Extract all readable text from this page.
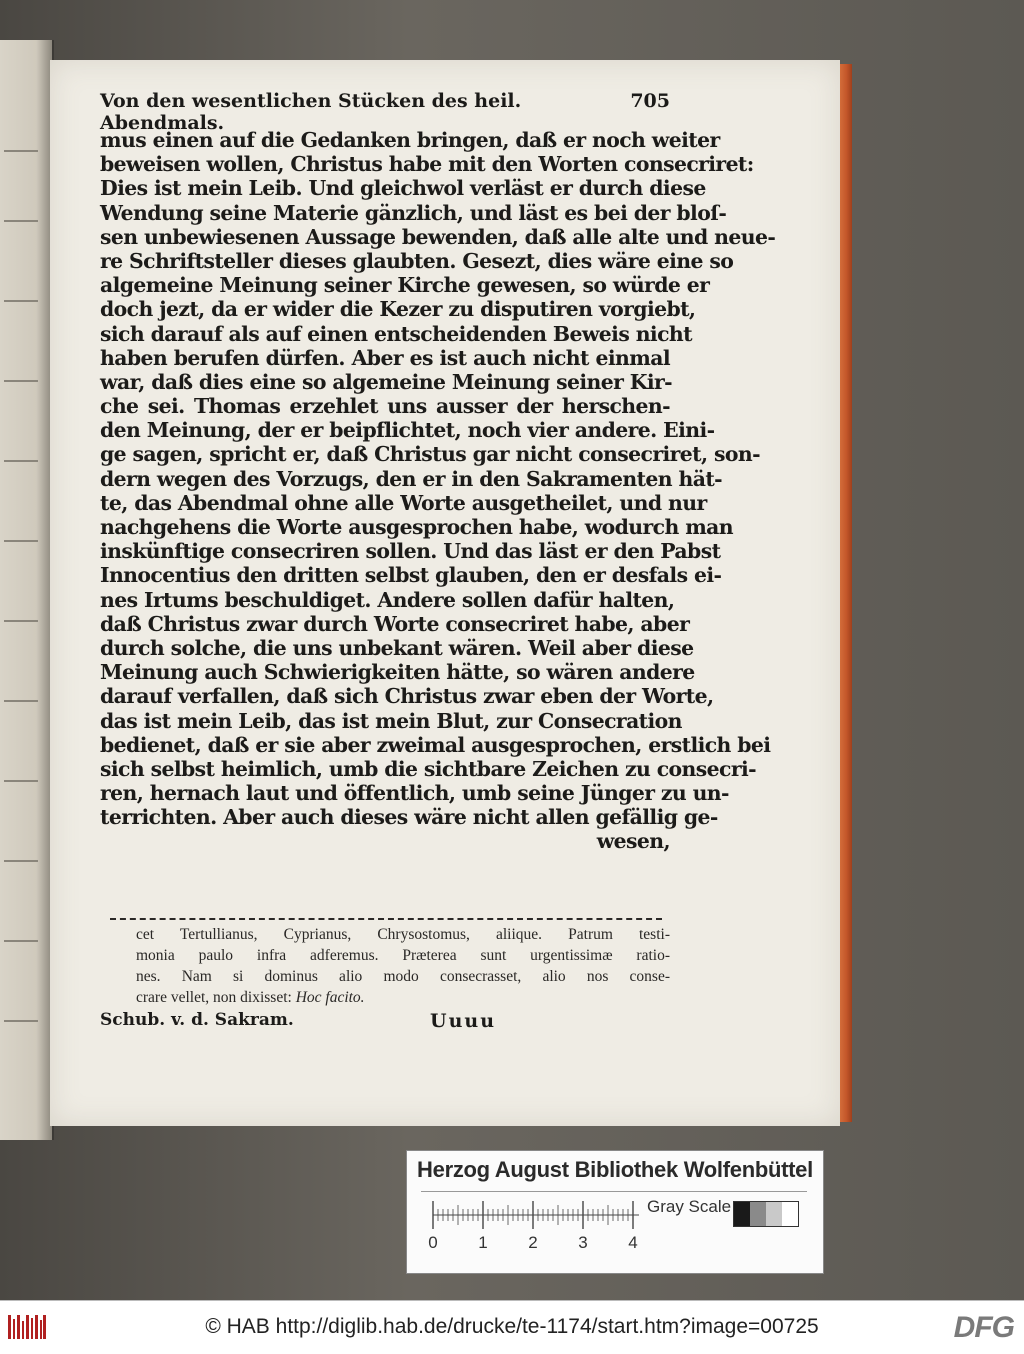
Von den wesentlichen Stücken des heil. Abendmals.
705
mus einen auf die Gedanken bringen, daß er noch weiter
beweisen wollen, Christus habe mit den Worten consecriret:
Dies ist mein Leib. Und gleichwol verläst er durch diese
Wendung seine Materie gänzlich, und läst es bei der bloſ-
sen unbewiesenen Aussage bewenden, daß alle alte und neue-
re Schriftsteller dieses glaubten. Gesezt, dies wäre eine so
algemeine Meinung seiner Kirche gewesen, so würde er
doch jezt, da er wider die Kezer zu disputiren vorgiebt,
sich darauf als auf einen entscheidenden Beweis nicht
haben berufen dürfen. Aber es ist auch nicht einmal
war, daß dies eine so algemeine Meinung seiner Kir-
che sei. Thomas erzehlet uns ausser der herschen-
den Meinung, der er beipflichtet, noch vier andere. Eini-
ge sagen, spricht er, daß Christus gar nicht consecriret, son-
dern wegen des Vorzugs, den er in den Sakramenten hät-
te, das Abendmal ohne alle Worte ausgetheilet, und nur
nachgehens die Worte ausgesprochen habe, wodurch man
inskünftige consecriren sollen. Und das läst er den Pabst
Innocentius den dritten selbst glauben, den er desfals ei-
nes Irtums beschuldiget. Andere sollen dafür halten,
daß Christus zwar durch Worte consecriret habe, aber
durch solche, die uns unbekant wären. Weil aber diese
Meinung auch Schwierigkeiten hätte, so wären andere
darauf verfallen, daß sich Christus zwar eben der Worte,
das ist mein Leib, das ist mein Blut, zur Consecration
bedienet, daß er sie aber zweimal ausgesprochen, erstlich bei
sich selbst heimlich, umb die sichtbare Zeichen zu consecri-
ren, hernach laut und öffentlich, umb seine Jünger zu un-
terrichten. Aber auch dieses wäre nicht allen gefällig ge-
wesen,
cet Tertullianus, Cyprianus, Chrysostomus, aliique. Patrum testi-
monia paulo infra adferemus. Præterea sunt urgentissimæ ratio-
nes. Nam si dominus alio modo consecrasset, alio nos conse-
crare vellet, non dixisset: Hoc facito.
Schub. v. d. Sakram.	Uuuu
Herzog August Bibliothek Wolfenbüttel
0 1 2 3 4
Gray Scale
© HAB http://diglib.hab.de/drucke/te-1174/start.htm?image=00725	DFG
